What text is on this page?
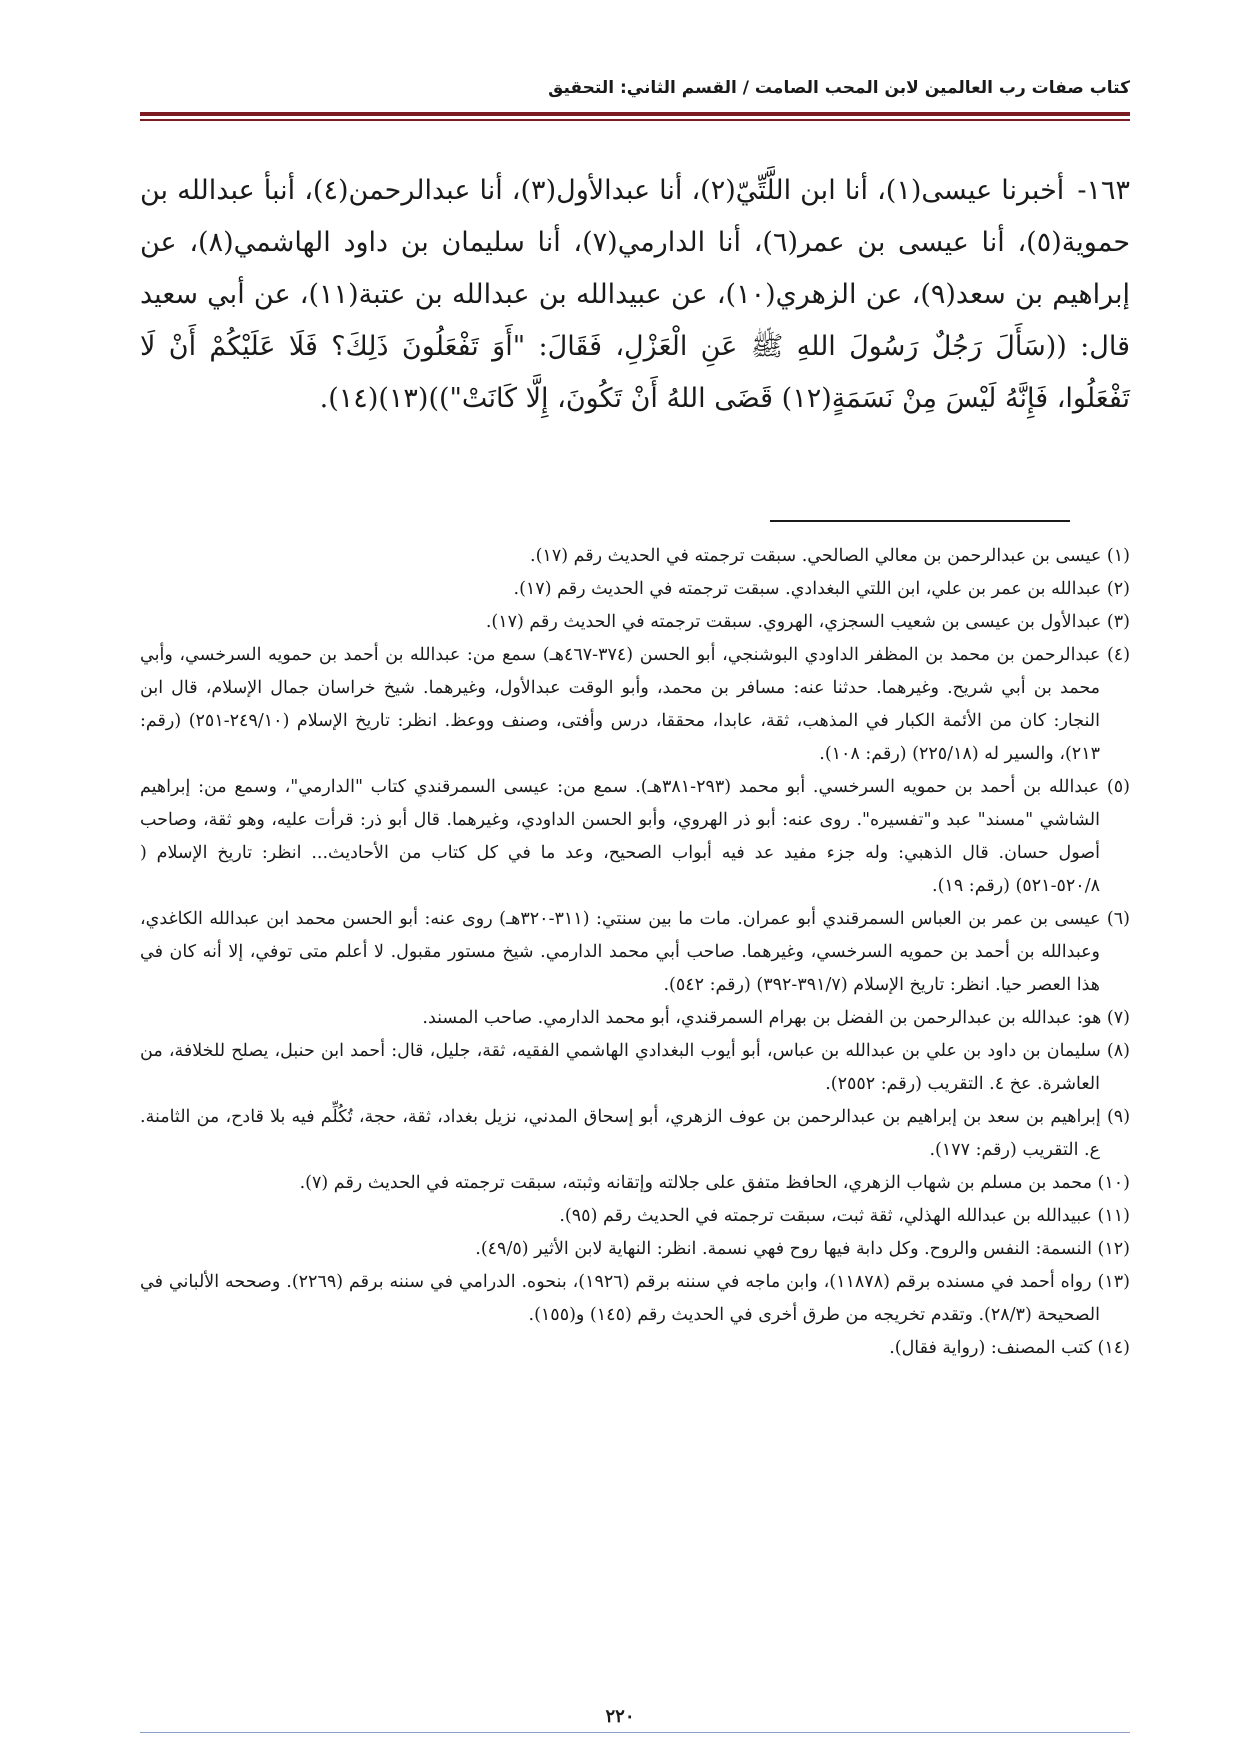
كتاب صفات رب العالمين لابن المحب الصامت / القسم الثاني: التحقيق
١٦٣- أخبرنا عيسى(١)، أنا ابن اللَّتِّيّ(٢)، أنا عبدالأول(٣)، أنا عبدالرحمن(٤)، أنبأ عبدالله بن حموية(٥)، أنا عيسى بن عمر(٦)، أنا الدارمي(٧)، أنا سليمان بن داود الهاشمي(٨)، عن إبراهيم بن سعد(٩)، عن الزهري(١٠)، عن عبيدالله بن عبدالله بن عتبة(١١)، عن أبي سعيد قال: ((سَأَلَ رَجُلٌ رَسُولَ اللهِ ﷺ عَنِ الْعَزْلِ، فَقَالَ: "أَوَ تَفْعَلُونَ ذَلِكَ؟ فَلَا عَلَيْكُمْ أَنْ لَا تَفْعَلُوا، فَإِنَّهُ لَيْسَ مِنْ نَسَمَةٍ(١٢) قَضَى اللهُ أَنْ تَكُونَ، إِلَّا كَانَتْ"))(١٣)(١٤).

(١) عيسى بن عبدالرحمن بن معالي الصالحي. سبقت ترجمته في الحديث رقم (١٧).

(٢) عبدالله بن عمر بن علي، ابن اللتي البغدادي. سبقت ترجمته في الحديث رقم (١٧).

(٣) عبدالأول بن عيسى بن شعيب السجزي، الهروي. سبقت ترجمته في الحديث رقم (١٧).

(٤) عبدالرحمن بن محمد بن المظفر الداودي البوشنجي، أبو الحسن (٣٧٤-٤٦٧هـ) سمع من: عبدالله بن أحمد بن حمويه السرخسي، وأبي محمد بن أبي شريح. وغيرهما. حدثنا عنه: مسافر بن محمد، وأبو الوقت عبدالأول، وغيرهما. شيخ خراسان جمال الإسلام، قال ابن النجار: كان من الأئمة الكبار في المذهب، ثقة، عابدا، محققا، درس وأفتى، وصنف ووعظ. انظر: تاريخ الإسلام (٢٤٩/١٠-٢٥١) (رقم: ٢١٣)، والسير له (٢٢٥/١٨) (رقم: ١٠٨).

(٥) عبدالله بن أحمد بن حمويه السرخسي. أبو محمد (٢٩٣-٣٨١هـ). سمع من: عيسى السمرقندي كتاب "الدارمي"، وسمع من: إبراهيم الشاشي "مسند" عبد و"تفسيره". روى عنه: أبو ذر الهروي، وأبو الحسن الداودي، وغيرهما. قال أبو ذر: قرأت عليه، وهو ثقة، وصاحب أصول حسان. قال الذهبي: وله جزء مفيد عد فيه أبواب الصحيح، وعد ما في كل كتاب من الأحاديث... انظر: تاريخ الإسلام ( ٥٢٠/٨-٥٢١) (رقم: ١٩).

(٦) عيسى بن عمر بن العباس السمرقندي أبو عمران. مات ما بين سنتي: (٣١١-٣٢٠هـ) روى عنه: أبو الحسن محمد ابن عبدالله الكاغدي، وعبدالله بن أحمد بن حمويه السرخسي، وغيرهما. صاحب أبي محمد الدارمي. شيخ مستور مقبول. لا أعلم متى توفي، إلا أنه كان في هذا العصر حيا. انظر: تاريخ الإسلام (٣٩١/٧-٣٩٢) (رقم: ٥٤٢).

(٧) هو: عبدالله بن عبدالرحمن بن الفضل بن بهرام السمرقندي، أبو محمد الدارمي. صاحب المسند.

(٨) سليمان بن داود بن علي بن عبدالله بن عباس، أبو أيوب البغدادي الهاشمي الفقيه، ثقة، جليل، قال: أحمد ابن حنبل، يصلح للخلافة، من العاشرة. عخ ٤. التقريب (رقم: ٢٥٥٢).

(٩) إبراهيم بن سعد بن إبراهيم بن عبدالرحمن بن عوف الزهري، أبو إسحاق المدني، نزيل بغداد، ثقة، حجة، تُكُلِّم فيه بلا قادح، من الثامنة. ع. التقريب (رقم: ١٧٧).

(١٠) محمد بن مسلم بن شهاب الزهري، الحافظ متفق على جلالته وإتقانه وثبته، سبقت ترجمته في الحديث رقم (٧).

(١١) عبيدالله بن عبدالله الهذلي، ثقة ثبت، سبقت ترجمته في الحديث رقم (٩٥).

(١٢) النسمة: النفس والروح. وكل دابة فيها روح فهي نسمة. انظر: النهاية لابن الأثير (٤٩/٥).

(١٣) رواه أحمد في مسنده برقم (١١٨٧٨)، وابن ماجه في سننه برقم (١٩٢٦)، بنحوه. الدرامي في سننه برقم (٢٢٦٩). وصححه الألباني في الصحيحة (٢٨/٣). وتقدم تخريجه من طرق أخرى في الحديث رقم (١٤٥) و(١٥٥).

(١٤) كتب المصنف: (رواية فقال).

٢٢٠
